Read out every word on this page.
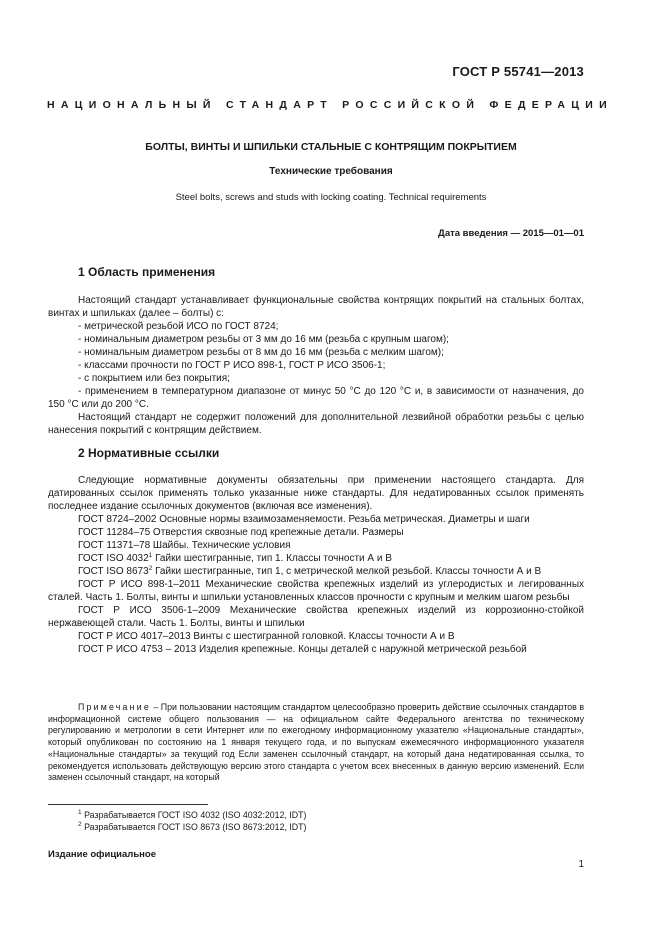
ГОСТ Р 55741—2013
НАЦИОНАЛЬНЫЙ СТАНДАРТ РОССИЙСКОЙ ФЕДЕРАЦИИ
БОЛТЫ, ВИНТЫ И ШПИЛЬКИ СТАЛЬНЫЕ С КОНТРЯЩИМ ПОКРЫТИЕМ
Технические требования
Steel bolts, screws and studs with locking coating. Technical requirements
Дата введения — 2015—01—01
1 Область применения

Настоящий стандарт устанавливает функциональные свойства контрящих покрытий на стальных болтах, винтах и шпильках (далее – болты) с:

- метрической резьбой ИСО по ГОСТ 8724;

- номинальным диаметром резьбы от 3 мм до 16 мм (резьба с крупным шагом);

- номинальным диаметром резьбы от 8 мм до 16 мм (резьба с мелким шагом);

- классами прочности по ГОСТ Р ИСО 898-1, ГОСТ Р ИСО 3506-1;

- с покрытием или без покрытия;

- применением в температурном диапазоне от минус 50 °С до 120 °С и, в зависимости от назначения, до 150 °С или до 200 °С.

Настоящий стандарт не содержит положений для дополнительной лезвийной обработки резьбы с целью нанесения покрытий с контрящим действием.

2 Нормативные ссылки

Следующие нормативные документы обязательны при применении настоящего стандарта. Для датированных ссылок применять только указанные ниже стандарты. Для недатированных ссылок применять последнее издание ссылочных документов (включая все изменения).

ГОСТ 8724–2002 Основные нормы взаимозаменяемости. Резьба метрическая. Диаметры и шаги

ГОСТ 11284–75 Отверстия сквозные под крепежные детали. Размеры

ГОСТ 11371–78 Шайбы. Технические условия

ГОСТ ISO 4032$^1$ Гайки шестигранные, тип 1. Классы точности А и В

ГОСТ ISO 8673$^2$ Гайки шестигранные, тип 1, с метрической мелкой резьбой. Классы точности А и В

ГОСТ Р ИСО 898-1–2011 Механические свойства крепежных изделий из углеродистых и легированных сталей. Часть 1. Болты, винты и шпильки установленных классов прочности с крупным и мелким шагом резьбы

ГОСТ Р ИСО 3506-1–2009 Механические свойства крепежных изделий из коррозионно-стойкой нержавеющей стали. Часть 1. Болты, винты и шпильки

ГОСТ Р ИСО 4017–2013 Винты с шестигранной головкой. Классы точности А и В

ГОСТ Р ИСО 4753 – 2013 Изделия крепежные. Концы деталей с наружной метрической резьбой

Примечание – При пользовании настоящим стандартом целесообразно проверить действие ссылочных стандартов в информационной системе общего пользования — на официальном сайте Федерального агентства по техническому регулированию и метрологии в сети Интернет или по ежегодному информационному указателю «Национальные стандарты», который опубликован по состоянию на 1 января текущего года, и по выпускам ежемесячного информационного указателя «Национальные стандарты» за текущий год Если заменен ссылочный стандарт, на который дана недатированная ссылка, то рекомендуется использовать действующую версию этого стандарта с учетом всех внесенных в данную версию изменений. Если заменен ссылочный стандарт, на который

$^1$ Разрабатывается ГОСТ ISO 4032 (ISO 4032:2012, IDT)

$^2$ Разрабатывается ГОСТ ISO 8673 (ISO 8673:2012, IDT)

Издание официальное
1
